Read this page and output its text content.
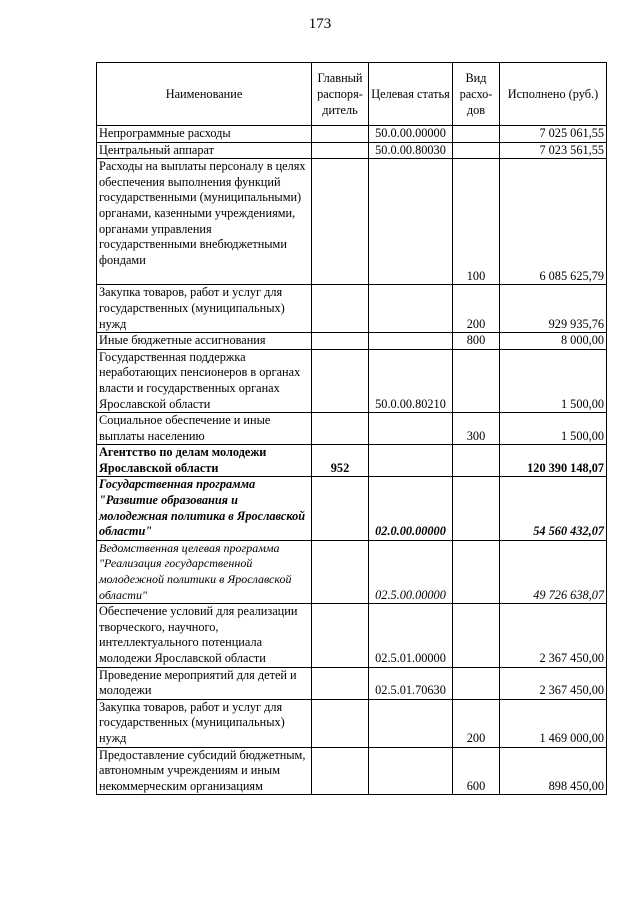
173
Наименование	Главный распоря-дитель	Целевая статья	Вид расхо-дов	Исполнено (руб.)
Непрограммные расходы		50.0.00.00000		7 025 061,55
Центральный аппарат		50.0.00.80030		7 023 561,55
Расходы на выплаты персоналу в целях обеспечения выполнения функций государственными (муниципальными) органами, казенными учреждениями, органами управления государственными внебюджетными фондами			100	6 085 625,79
Закупка товаров, работ и услуг для государственных (муниципальных) нужд			200	929 935,76
Иные бюджетные ассигнования			800	8 000,00
Государственная поддержка неработающих пенсионеров в органах власти и государственных органах Ярославской области		50.0.00.80210		1 500,00
Социальное обеспечение и иные выплаты населению			300	1 500,00
Агентство по делам молодежи Ярославской области	952			120 390 148,07
Государственная программа "Развитие образования и молодежная политика в Ярославской области"		02.0.00.00000		54 560 432,07
Ведомственная целевая программа "Реализация государственной молодежной политики в Ярославской области"		02.5.00.00000		49 726 638,07
Обеспечение условий для реализации творческого, научного, интеллектуального потенциала молодежи Ярославской области		02.5.01.00000		2 367 450,00
Проведение мероприятий для детей и молодежи		02.5.01.70630		2 367 450,00
Закупка товаров, работ и услуг для государственных (муниципальных) нужд			200	1 469 000,00
Предоставление субсидий бюджетным, автономным учреждениям и иным некоммерческим организациям			600	898 450,00
